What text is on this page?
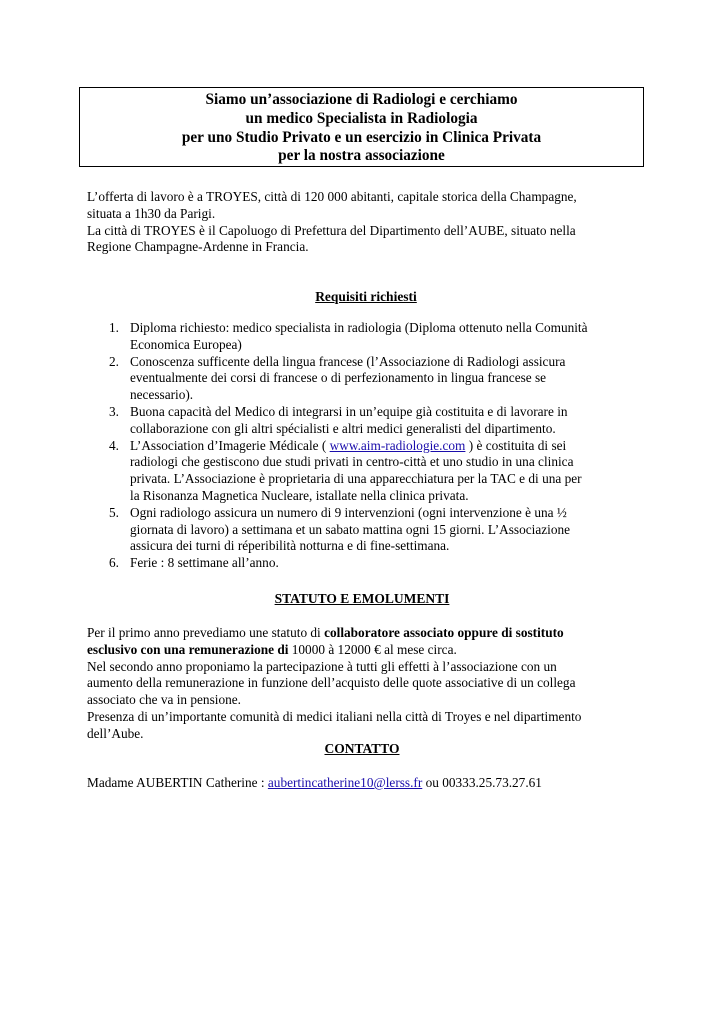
Siamo un’associazione di Radiologi e cerchiamo
un medico Specialista in Radiologia
per uno Studio Privato e un esercizio in Clinica Privata
per la nostra associazione

L’offerta di lavoro è a TROYES, città di 120 000 abitanti, capitale storica della Champagne,

situata a 1h30 da Parigi.

La città di TROYES è il Capoluogo di Prefettura del Dipartimento dell’AUBE, situato nella

Regione Champagne-Ardenne in Francia.

Requisiti richiesti
1. Diploma richiesto: medico specialista in radiologia (Diploma ottenuto nella Comunità
Economica Europea)
2. Conoscenza sufficente della lingua francese (l’Associazione di Radiologi assicura
eventualmente dei corsi di francese o di perfezionamento in lingua francese se
necessario).
3. Buona capacità del Medico di integrarsi in un’equipe già costituita e di lavorare in
collaborazione con gli altri spécialisti e altri medici generalisti del dipartimento.
4. L’Association d’Imagerie Médicale ( www.aim-radiologie.com ) è costituita di sei
radiologi che gestiscono due studi privati in centro-città et uno studio in una clinica
privata. L’Associazione è proprietaria di una apparecchiatura per la TAC e di una per
la Risonanza Magnetica Nucleare, istallate nella clinica privata.
5. Ogni radiologo assicura un numero di 9 intervenzioni (ogni intervenzione è una ½
giornata di lavoro) a settimana et un sabato mattina ogni 15 giorni. L’Associazione
assicura dei turni di réperibilità notturna e di fine-settimana.
6. Ferie : 8 settimane all’anno.
STATUTO E EMOLUMENTI

Per il primo anno prevediamo une statuto di collaboratore associato oppure di sostituto

esclusivo con una remunerazione di 10000 à 12000 € al mese circa.

Nel secondo anno proponiamo la partecipazione à tutti gli effetti à l’associazione con un

aumento della remunerazione in funzione dell’acquisto delle quote associative di un collega

associato che va in pensione.

Presenza di un’importante comunità di medici italiani nella città di Troyes e nel dipartimento

dell’Aube.

CONTATTO
Madame AUBERTIN Catherine : aubertincatherine10@lerss.fr ou 00333.25.73.27.61
